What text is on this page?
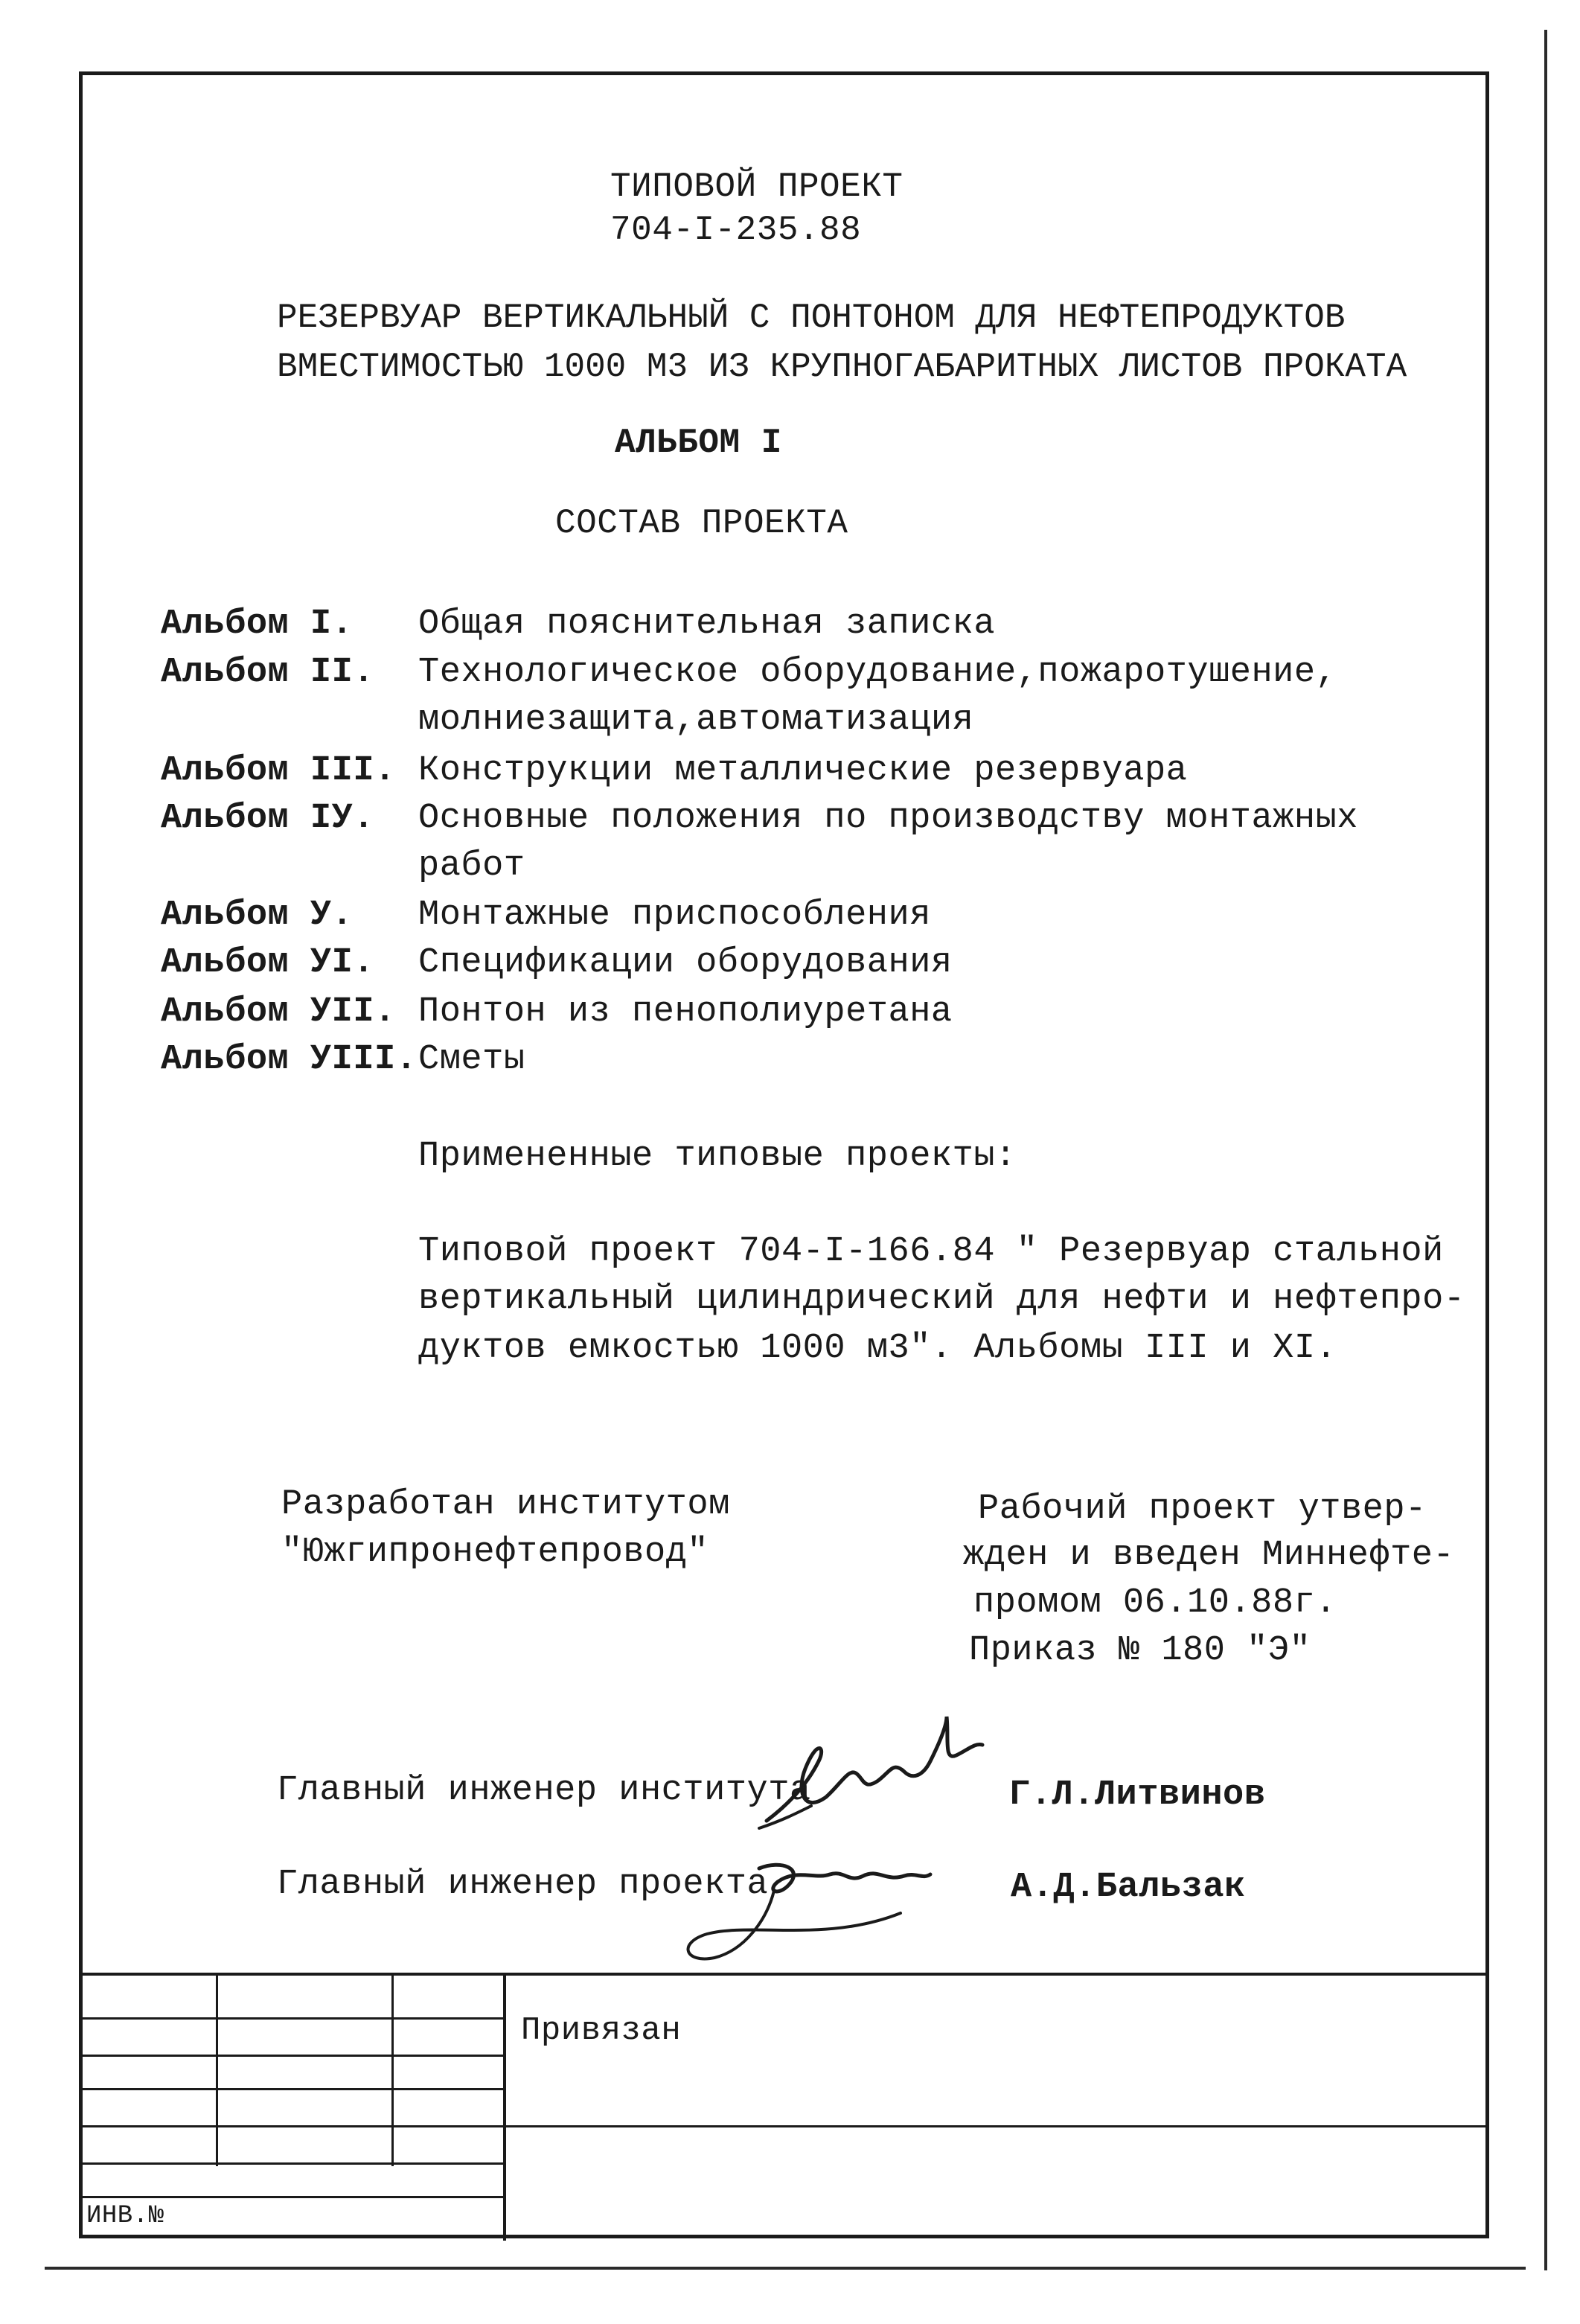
ТИПОВОЙ ПРОЕКТ
704-I-235.88
РЕЗЕРВУАР ВЕРТИКАЛЬНЫЙ С ПОНТОНОМ ДЛЯ НЕФТЕПРОДУКТОВ
ВМЕСТИМОСТЬЮ 1000 М3 ИЗ КРУПНОГАБАРИТНЫХ ЛИСТОВ ПРОКАТА
АЛЬБОМ I
СОСТАВ ПРОЕКТА
Альбом I. Общая пояснительная записка
Альбом II. Технологическое оборудование,пожаротушение,
молниезащита,автоматизация
Альбом III. Конструкции металлические резервуара
Альбом IУ. Основные положения по производству монтажных
работ
Альбом У. Монтажные приспособления
Альбом УI. Спецификации оборудования
Альбом УII. Понтон из пенополиуретана
Альбом УIII. Сметы
Примененные типовые проекты:
Типовой проект 704-I-166.84 " Резервуар стальной
вертикальный цилиндрический для нефти и нефтепро-
дуктов емкостью 1000 м3". Альбомы III и XI.
Разработан институтом
"Южгипронефтепровод"
Рабочий проект утвер-
жден и введен Миннефте-
промом 06.10.88г.
Приказ № 180 "Э"
Главный инженер института	Г.Л.Литвинов
Главный инженер проекта	А.Д.Бальзак
Привязан
ИНВ.№
